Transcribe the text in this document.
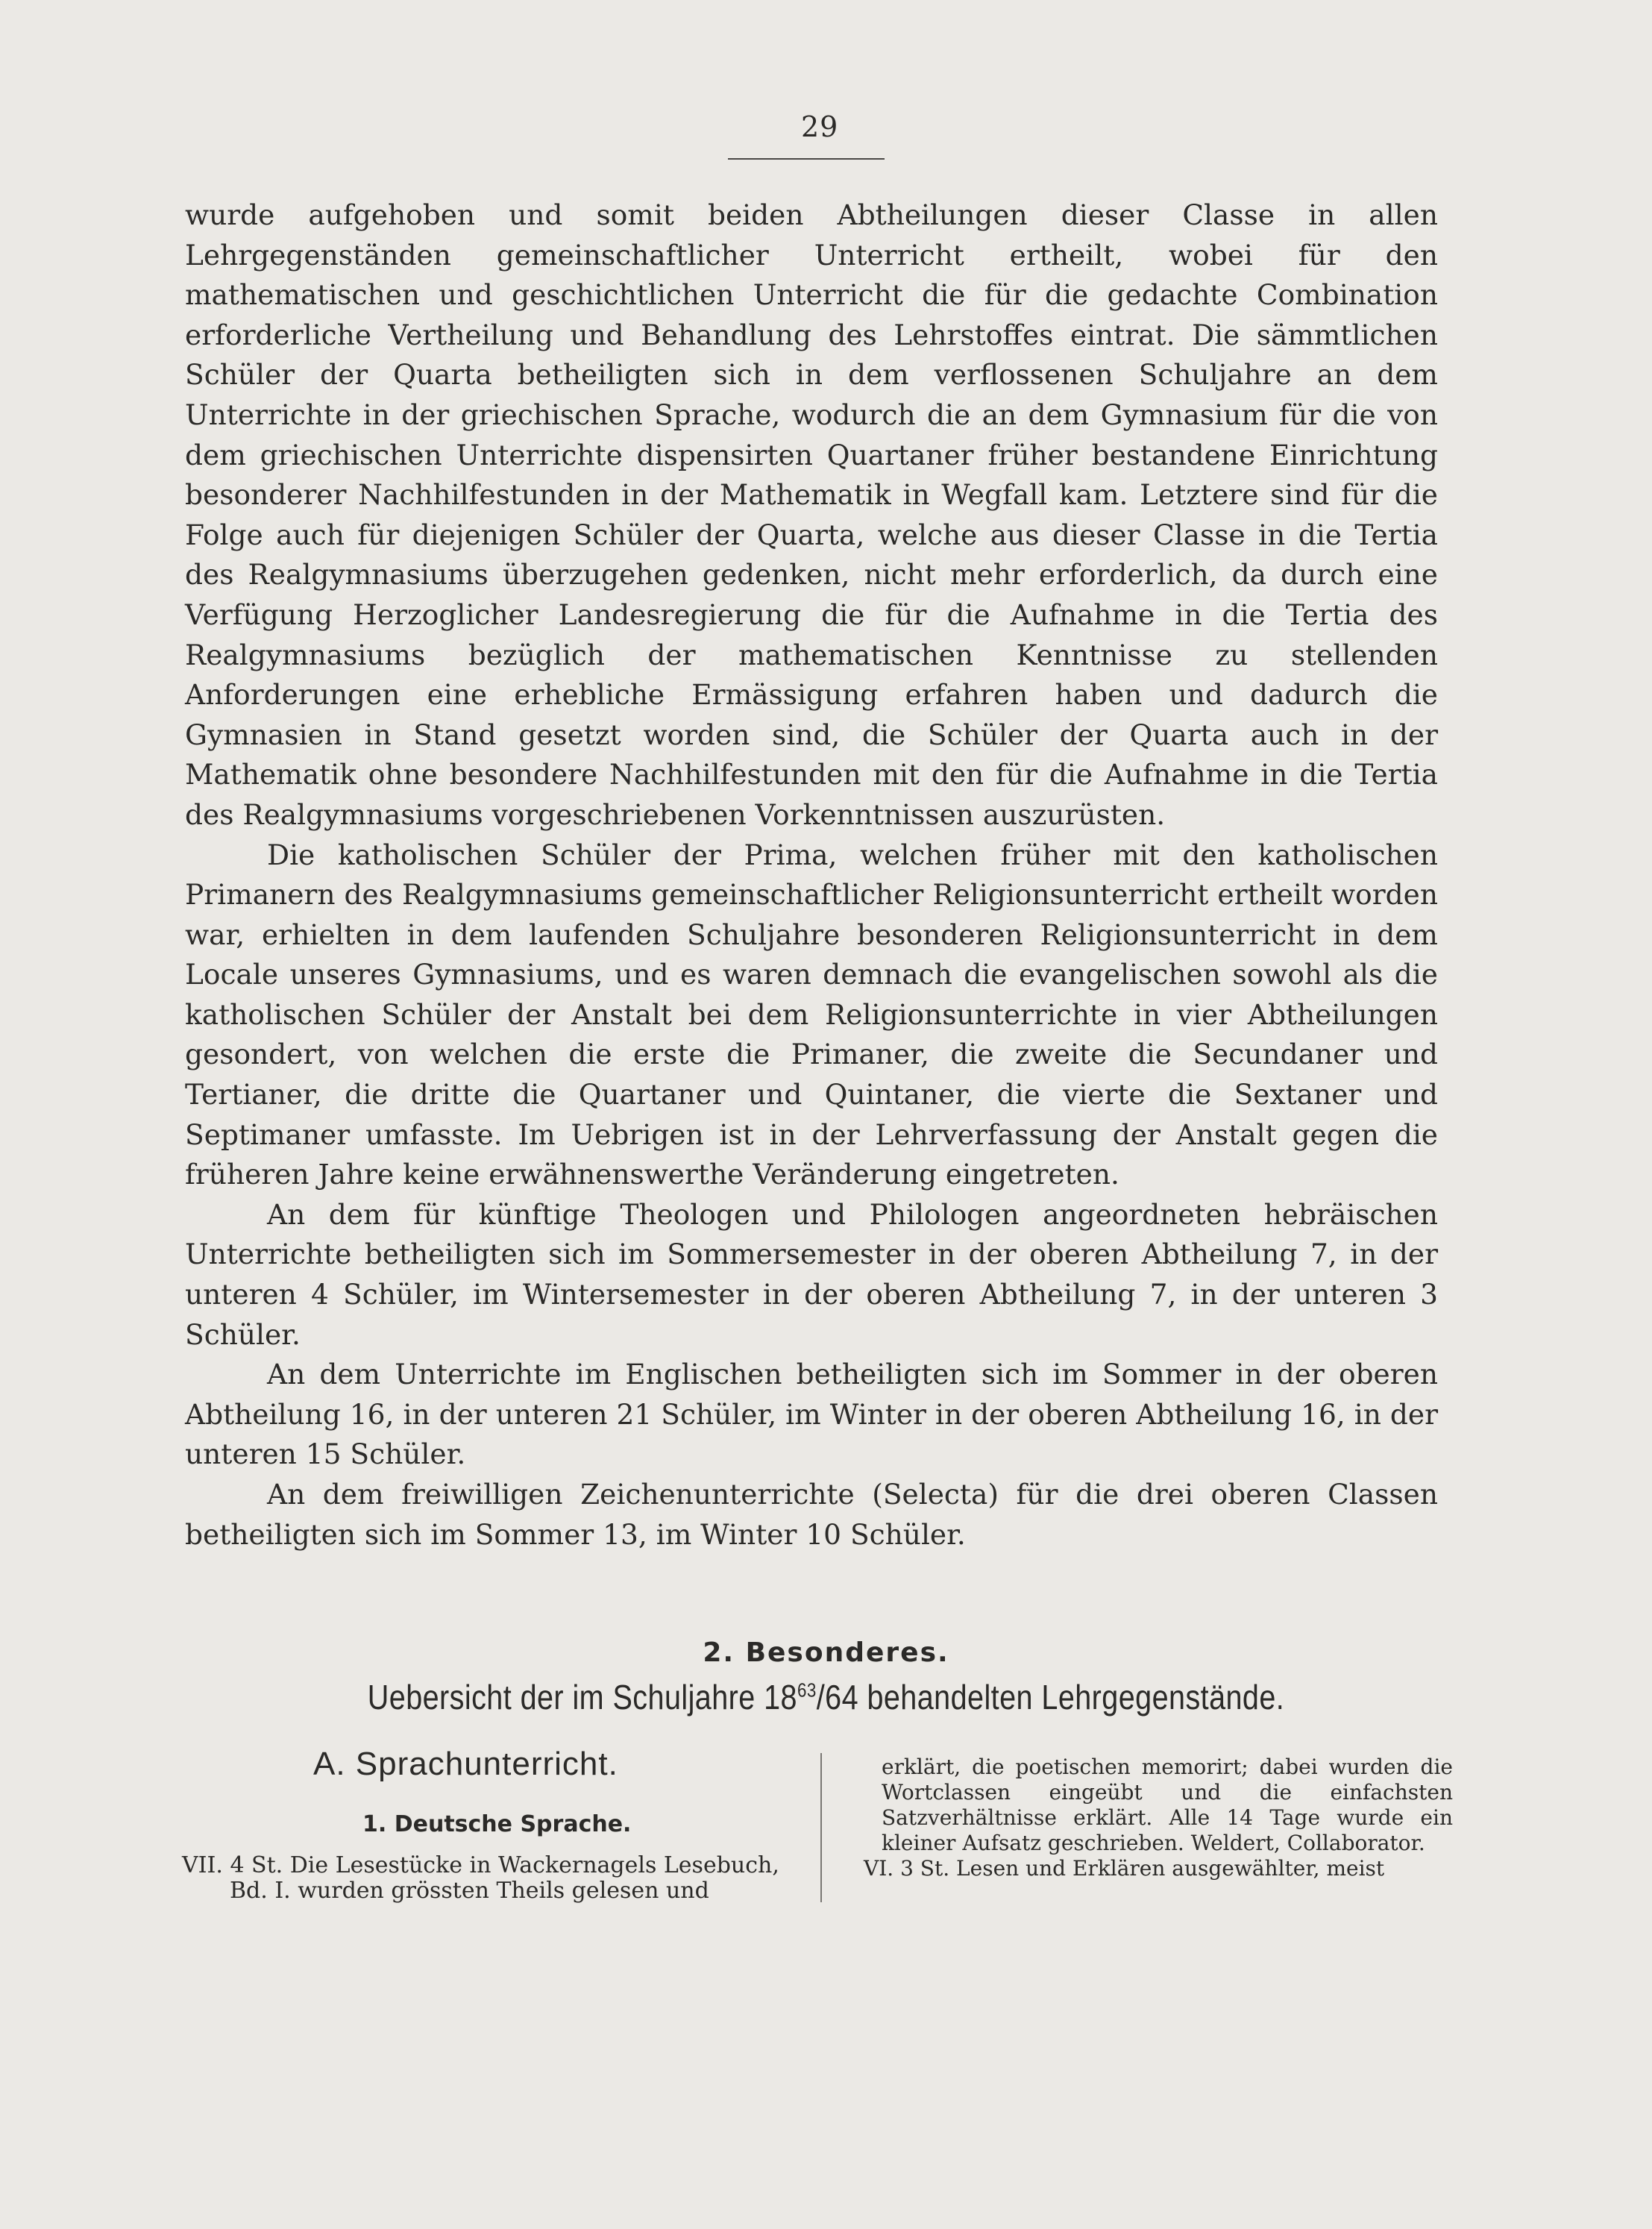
29

wurde aufgehoben und somit beiden Abtheilungen dieser Classe in allen Lehrgegenständen gemeinschaftlicher Unterricht ertheilt, wobei für den mathematischen und geschichtlichen Unterricht die für die gedachte Combination erforderliche Vertheilung und Behandlung des Lehrstoffes eintrat. Die sämmtlichen Schüler der Quarta betheiligten sich in dem verflossenen Schuljahre an dem Unterrichte in der griechischen Sprache, wodurch die an dem Gymnasium für die von dem griechischen Unterrichte dispensirten Quartaner früher bestandene Einrichtung besonderer Nachhilfestunden in der Mathematik in Wegfall kam. Letztere sind für die Folge auch für diejenigen Schüler der Quarta, welche aus dieser Classe in die Tertia des Realgymnasiums überzugehen gedenken, nicht mehr erforderlich, da durch eine Verfügung Herzoglicher Landesregierung die für die Aufnahme in die Tertia des Realgymnasiums bezüglich der mathematischen Kenntnisse zu stellenden Anforderungen eine erhebliche Ermässigung erfahren haben und dadurch die Gymnasien in Stand gesetzt worden sind, die Schüler der Quarta auch in der Mathematik ohne besondere Nachhilfestunden mit den für die Aufnahme in die Tertia des Realgymnasiums vorgeschriebenen Vorkenntnissen auszurüsten.

Die katholischen Schüler der Prima, welchen früher mit den katholischen Primanern des Realgymnasiums gemeinschaftlicher Religionsunterricht ertheilt worden war, erhielten in dem laufenden Schuljahre besonderen Religionsunterricht in dem Locale unseres Gymnasiums, und es waren demnach die evangelischen sowohl als die katholischen Schüler der Anstalt bei dem Religionsunterrichte in vier Abtheilungen gesondert, von welchen die erste die Primaner, die zweite die Secundaner und Tertianer, die dritte die Quartaner und Quintaner, die vierte die Sextaner und Septimaner umfasste. Im Uebrigen ist in der Lehrverfassung der Anstalt gegen die früheren Jahre keine erwähnenswerthe Veränderung eingetreten.

An dem für künftige Theologen und Philologen angeordneten hebräischen Unterrichte betheiligten sich im Sommersemester in der oberen Abtheilung 7, in der unteren 4 Schüler, im Wintersemester in der oberen Abtheilung 7, in der unteren 3 Schüler.

An dem Unterrichte im Englischen betheiligten sich im Sommer in der oberen Abtheilung 16, in der unteren 21 Schüler, im Winter in der oberen Abtheilung 16, in der unteren 15 Schüler.

An dem freiwilligen Zeichenunterrichte (Selecta) für die drei oberen Classen betheiligten sich im Sommer 13, im Winter 10 Schüler.

2. Besonderes.
Uebersicht der im Schuljahre $18^{63}/64$ behandelten Lehrgegenstände.
A. Sprachunterricht.
1. Deutsche Sprache.

VII. 4 St. Die Lesestücke in Wackernagels Lesebuch, Bd. I. wurden grössten Theils gelesen und

erklärt, die poetischen memorirt; dabei wurden die Wortclassen eingeübt und die einfachsten Satzverhältnisse erklärt. Alle 14 Tage wurde ein kleiner Aufsatz geschrieben. Weldert, Collaborator.

VI. 3 St. Lesen und Erklären ausgewählter, meist
